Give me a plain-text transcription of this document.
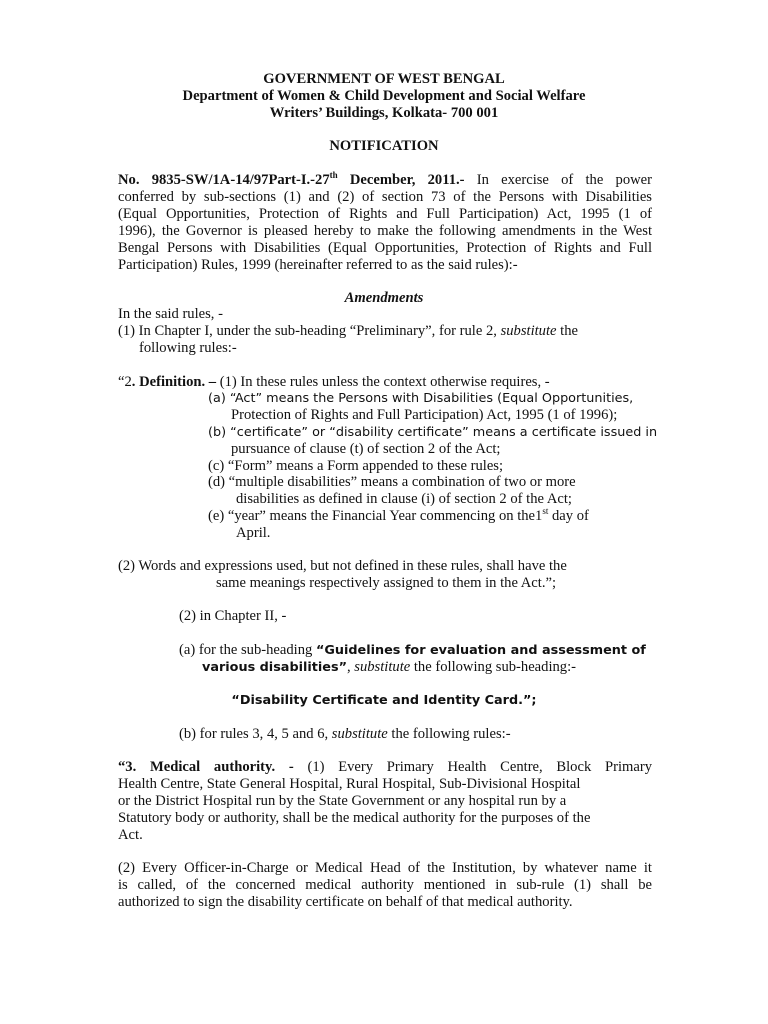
GOVERNMENT OF WEST BENGAL
Department of Women & Child Development and Social Welfare
Writers’ Buildings, Kolkata- 700 001
NOTIFICATION
No. 9835-SW/1A-14/97Part-I.-27th December, 2011.- In exercise of the power
conferred by sub-sections (1) and (2) of section 73 of the Persons with Disabilities
(Equal Opportunities, Protection of Rights and Full Participation) Act, 1995 (1 of
1996), the Governor is pleased hereby to make the following amendments in the West
Bengal Persons with Disabilities (Equal Opportunities, Protection of Rights and Full
Participation) Rules, 1999 (hereinafter referred to as the said rules):-
Amendments
In the said rules, -
(1) In Chapter I, under the sub-heading “Preliminary”, for rule 2, substitute the
following rules:-
“2. Definition. – (1) In these rules unless the context otherwise requires, -
(a) “Act” means the Persons with Disabilities (Equal Opportunities,
Protection of Rights and Full Participation) Act, 1995 (1 of 1996);
(b) “certificate” or “disability certificate” means a certificate issued in
pursuance of clause (t) of section 2 of the Act;
(c) “Form” means a Form appended to these rules;
(d) “multiple disabilities” means a combination of two or more
disabilities as defined in clause (i) of section 2 of the Act;
(e) “year” means the Financial Year commencing on the1st day of
April.
(2) Words and expressions used, but not defined in these rules, shall have the
same meanings respectively assigned to them in the Act.”;
(2) in Chapter II, -
(a) for the sub-heading “Guidelines for evaluation and assessment of
various disabilities”, substitute the following sub-heading:-
“Disability Certificate and Identity Card.”;
(b) for rules 3, 4, 5 and 6, substitute the following rules:-
“3. Medical authority. - (1) Every Primary Health Centre, Block Primary
Health Centre, State General Hospital, Rural Hospital, Sub-Divisional Hospital
or the District Hospital run by the State Government or any hospital run by a
Statutory body or authority, shall be the medical authority for the purposes of the
Act.
(2) Every Officer-in-Charge or Medical Head of the Institution, by whatever name it
is called, of the concerned medical authority mentioned in sub-rule (1) shall be
authorized to sign the disability certificate on behalf of that medical authority.
